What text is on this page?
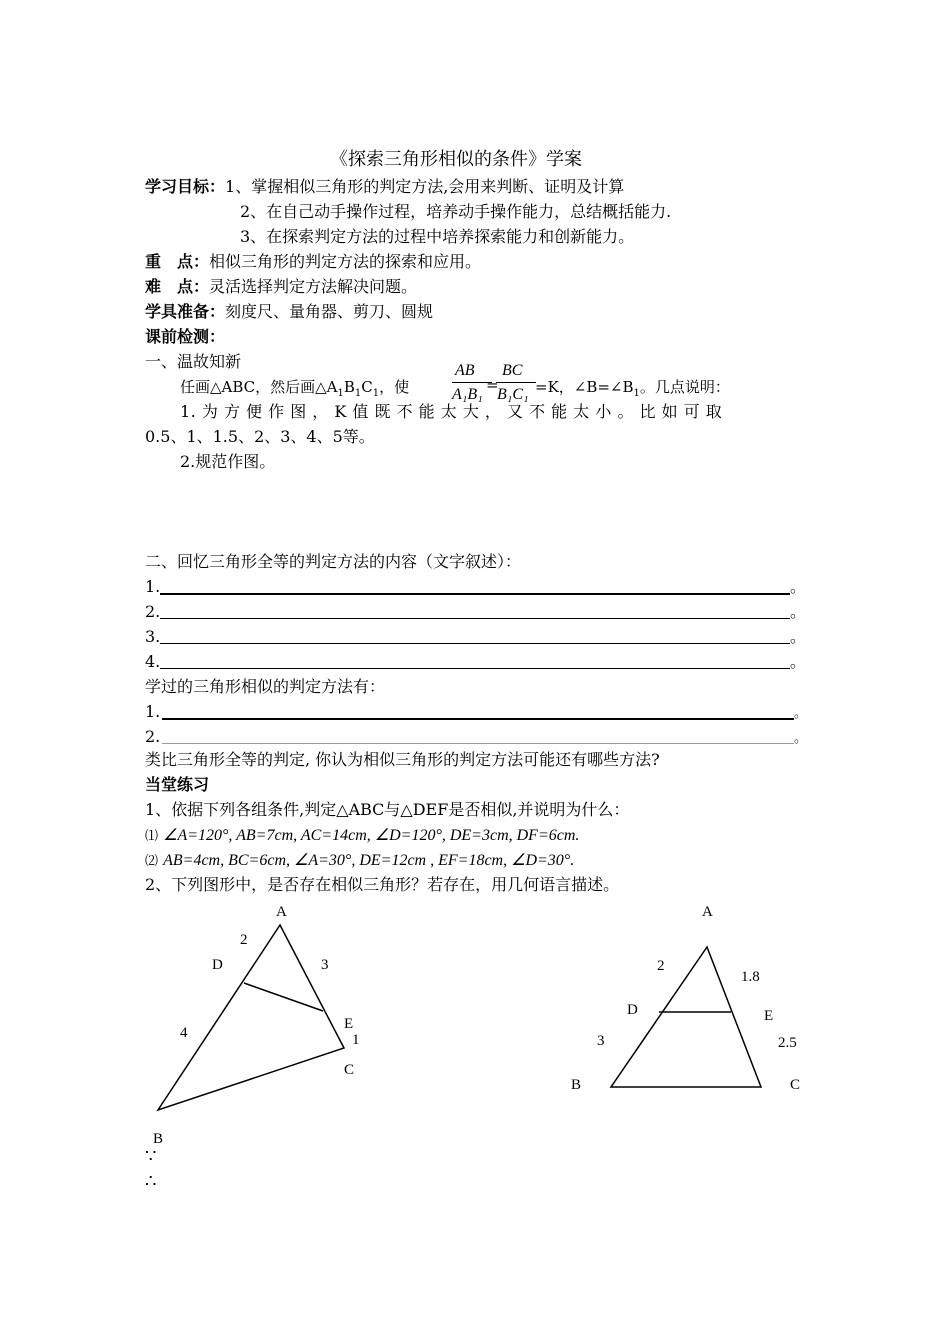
《探索三角形相似的条件》学案
学习目标：1、掌握相似三角形的判定方法,会用来判断、证明及计算
2、在自己动手操作过程，培养动手操作能力，总结概括能力.
3、在探索判定方法的过程中培养探索能力和创新能力。
重　点：相似三角形的判定方法的探索和应用。
难　点：灵活选择判定方法解决问题。
学具准备：刻度尺、量角器、剪刀、圆规
课前检测：
一、温故知新
任画△ABC，然后画$\triangle A_1B_1C_1$，使
AB
A₁B₁
=
BC
B₁C₁ =K，$\angle B=\angle B_1$。几点说明：
1. 为 方 便 作 图 ， K 值 既 不 能 太 大 ， 又 不 能 太 小 。 比 如 可 取
0.5、1、1.5、2、3、4、5等。
2.规范作图。
二、回忆三角形全等的判定方法的内容（文字叙述）：
1.	。
2.	。
3.	。
4.	。
学过的三角形相似的判定方法有：
1.	。
2.	。
类比三角形全等的判定, 你认为相似三角形的判定方法可能还有哪些方法?
当堂练习
1、依据下列各组条件,判定△ABC与△DEF是否相似,并说明为什么：
⑴ ∠A=120°, AB=7cm, AC=14cm, ∠D=120°, DE=3cm, DF=6cm.
⑵ AB=4cm, BC=6cm, ∠A=30°, DE=12cm , EF=18cm, ∠D=30°.
2、下列图形中，是否存在相似三角形？若存在，用几何语言描述。
A
2
D	3
4
E
1
C
B
A
2
1.8
D	E
3	2.5
B	C
∵
∴
